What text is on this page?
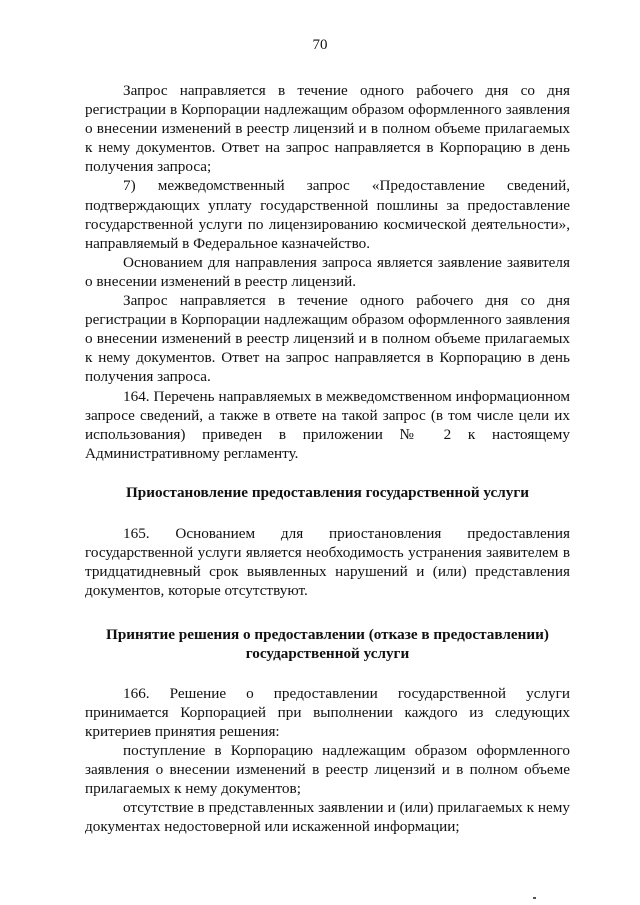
70

Запрос направляется в течение одного рабочего дня со дня регистрации в Корпорации надлежащим образом оформленного заявления о внесении изменений в реестр лицензий и в полном объеме прилагаемых к нему документов. Ответ на запрос направляется в Корпорацию в день получения запроса;

7) межведомственный запрос «Предоставление сведений, подтверждающих уплату государственной пошлины за предоставление государственной услуги по лицензированию космической деятельности», направляемый в Федеральное казначейство.

Основанием для направления запроса является заявление заявителя о внесении изменений в реестр лицензий.

Запрос направляется в течение одного рабочего дня со дня регистрации в Корпорации надлежащим образом оформленного заявления о внесении изменений в реестр лицензий и в полном объеме прилагаемых к нему документов. Ответ на запрос направляется в Корпорацию в день получения запроса.

164. Перечень направляемых в межведомственном информационном запросе сведений, а также в ответе на такой запрос (в том числе цели их использования) приведен в приложении № 2 к настоящему Административному регламенту.

Приостановление предоставления государственной услуги

165. Основанием для приостановления предоставления государственной услуги является необходимость устранения заявителем в тридцатидневный срок выявленных нарушений и (или) представления документов, которые отсутствуют.

Принятие решения о предоставлении (отказе в предоставлении)

государственной услуги

166. Решение о предоставлении государственной услуги принимается Корпорацией при выполнении каждого из следующих критериев принятия решения:

поступление в Корпорацию надлежащим образом оформленного заявления о внесении изменений в реестр лицензий и в полном объеме прилагаемых к нему документов;

отсутствие в представленных заявлении и (или) прилагаемых к нему документах недостоверной или искаженной информации;
